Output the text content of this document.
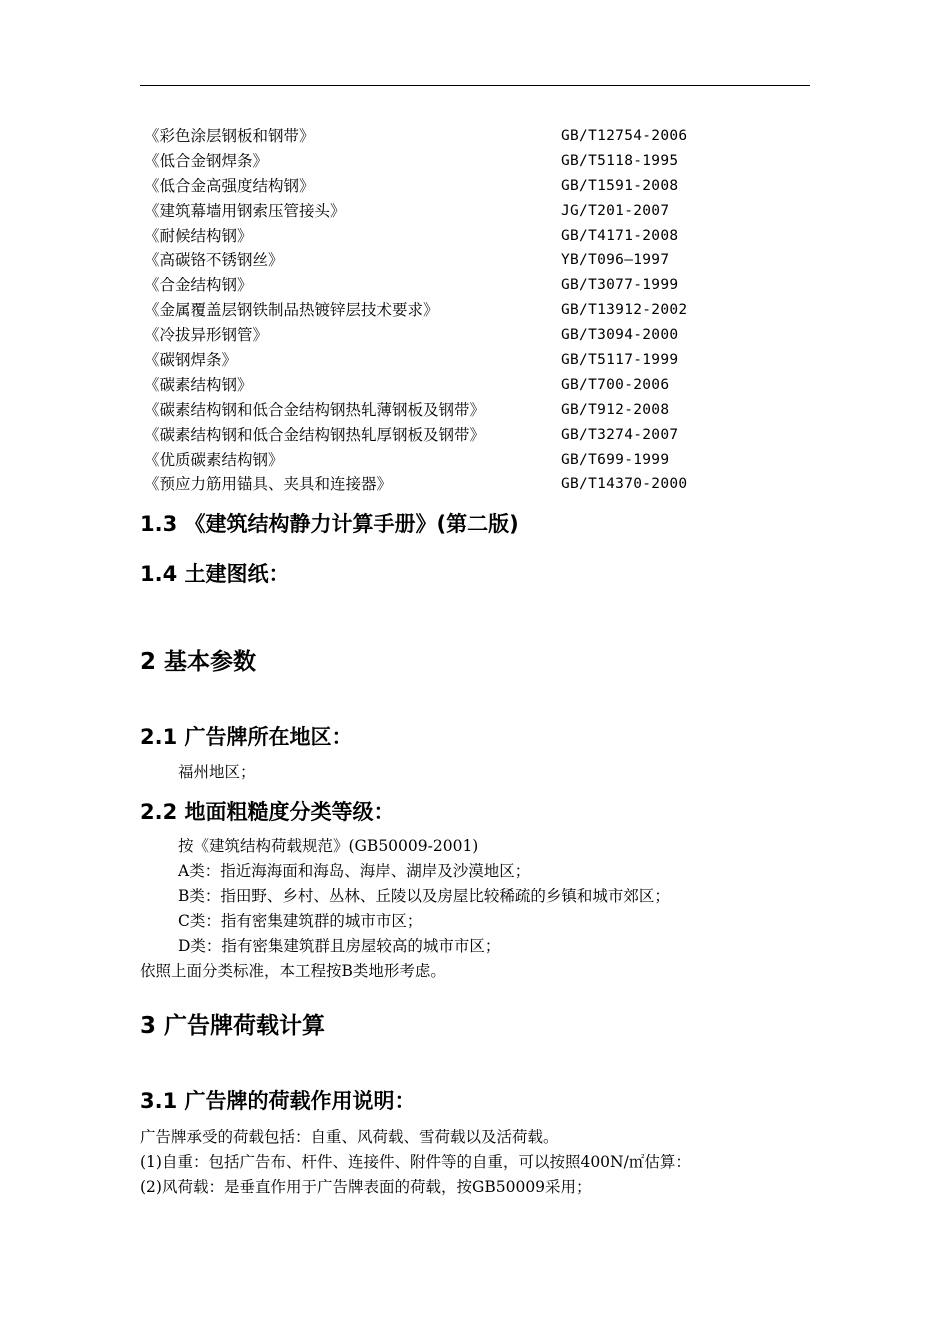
《彩色涂层钢板和钢带》	GB/T12754-2006
《低合金钢焊条》	GB/T5118-1995
《低合金高强度结构钢》	GB/T1591-2008
《建筑幕墙用钢索压管接头》	JG/T201-2007
《耐候结构钢》	GB/T4171-2008
《高碳铬不锈钢丝》	YB/T096—1997
《合金结构钢》	GB/T3077-1999
《金属覆盖层钢铁制品热镀锌层技术要求》	GB/T13912-2002
《冷拔异形钢管》	GB/T3094-2000
《碳钢焊条》	GB/T5117-1999
《碳素结构钢》	GB/T700-2006
《碳素结构钢和低合金结构钢热轧薄钢板及钢带》	GB/T912-2008
《碳素结构钢和低合金结构钢热轧厚钢板及钢带》	GB/T3274-2007
《优质碳素结构钢》	GB/T699-1999
《预应力筋用锚具、夹具和连接器》	GB/T14370-2000
1.3 《建筑结构静力计算手册》(第二版)
1.4 土建图纸：
2 基本参数
2.1 广告牌所在地区：
福州地区；
2.2 地面粗糙度分类等级：
按《建筑结构荷载规范》(GB50009-2001)
A类：指近海海面和海岛、海岸、湖岸及沙漠地区；
B类：指田野、乡村、丛林、丘陵以及房屋比较稀疏的乡镇和城市郊区；
C类：指有密集建筑群的城市市区；
D类：指有密集建筑群且房屋较高的城市市区；
依照上面分类标准，本工程按B类地形考虑。
3 广告牌荷载计算
3.1 广告牌的荷载作用说明：
广告牌承受的荷载包括：自重、风荷载、雪荷载以及活荷载。
(1)自重：包括广告布、杆件、连接件、附件等的自重，可以按照400N/㎡估算：
(2)风荷载：是垂直作用于广告牌表面的荷载，按GB50009采用；
